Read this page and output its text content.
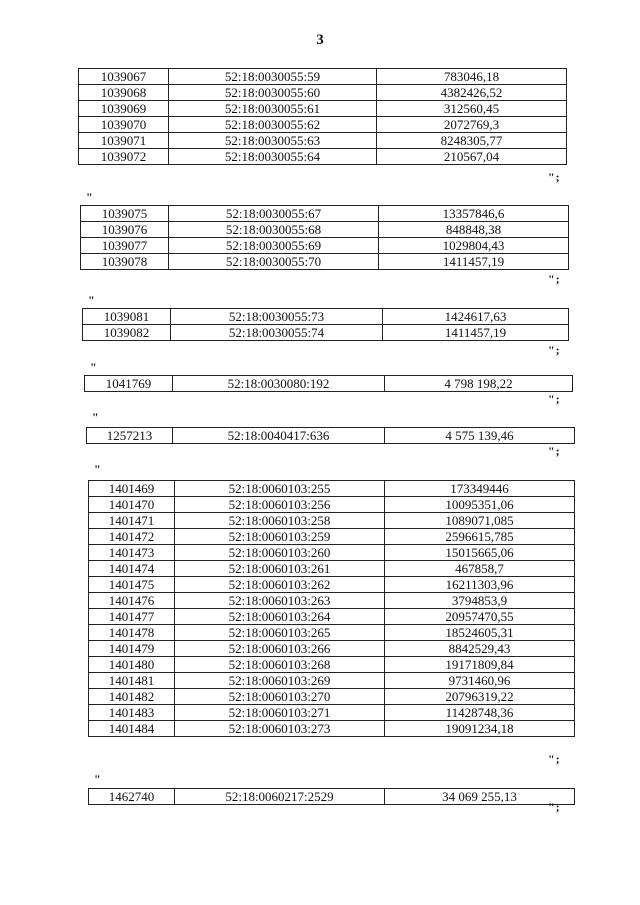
3
1039067	52:18:0030055:59	783046,18
1039068	52:18:0030055:60	4382426,52
1039069	52:18:0030055:61	312560,45
1039070	52:18:0030055:62	2072769,3
1039071	52:18:0030055:63	8248305,77
1039072	52:18:0030055:64	210567,04
";
"
1039075	52:18:0030055:67	13357846,6
1039076	52:18:0030055:68	848848,38
1039077	52:18:0030055:69	1029804,43
1039078	52:18:0030055:70	1411457,19
";
"
1039081	52:18:0030055:73	1424617,63
1039082	52:18:0030055:74	1411457,19
";
"
1041769	52:18:0030080:192	4 798 198,22
";
"
1257213	52:18:0040417:636	4 575 139,46
";
"
1401469	52:18:0060103:255	173349446
1401470	52:18:0060103:256	10095351,06
1401471	52:18:0060103:258	1089071,085
1401472	52:18:0060103:259	2596615,785
1401473	52:18:0060103:260	15015665,06
1401474	52:18:0060103:261	467858,7
1401475	52:18:0060103:262	16211303,96
1401476	52:18:0060103:263	3794853,9
1401477	52:18:0060103:264	20957470,55
1401478	52:18:0060103:265	18524605,31
1401479	52:18:0060103:266	8842529,43
1401480	52:18:0060103:268	19171809,84
1401481	52:18:0060103:269	9731460,96
1401482	52:18:0060103:270	20796319,22
1401483	52:18:0060103:271	11428748,36
1401484	52:18:0060103:273	19091234,18
";
"
1462740	52:18:0060217:2529	34 069 255,13
";
